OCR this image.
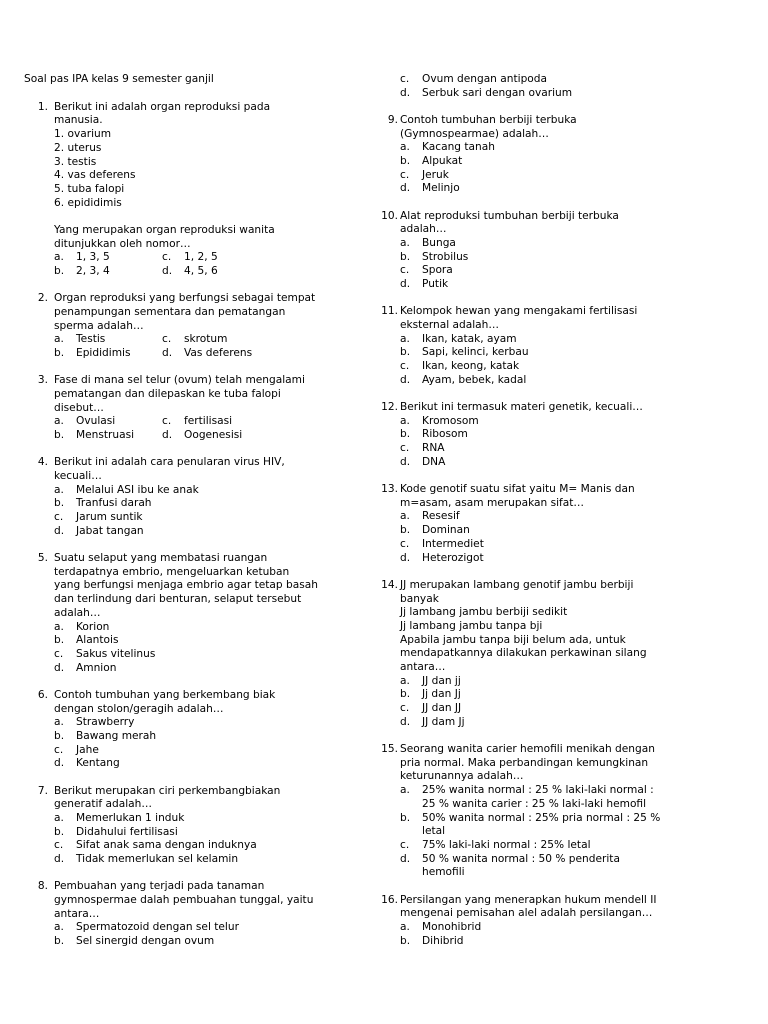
Soal pas IPA kelas 9 semester ganjil
1. Berikut ini adalah organ reproduksi pada
manusia.
1. ovarium
2. uterus
3. testis
4. vas deferens
5. tuba falopi
6. epididimis
Yang merupakan organ reproduksi wanita
ditunjukkan oleh nomor…
a. 1, 3, 5	c. 1, 2, 5
b. 2, 3, 4	d. 4, 5, 6
2. Organ reproduksi yang berfungsi sebagai tempat
penampungan sementara dan pematangan
sperma adalah…
a. Testis	c. skrotum
b. Epididimis	d. Vas deferens
3. Fase di mana sel telur (ovum) telah mengalami
pematangan dan dilepaskan ke tuba falopi
disebut…
a. Ovulasi	c. fertilisasi
b. Menstruasi	d. Oogenesisi
4. Berikut ini adalah cara penularan virus HIV,
kecuali…
a. Melalui ASI ibu ke anak
b. Tranfusi darah
c. Jarum suntik
d. Jabat tangan
5. Suatu selaput yang membatasi ruangan
terdapatnya embrio, mengeluarkan ketuban
yang berfungsi menjaga embrio agar tetap basah
dan terlindung dari benturan, selaput tersebut
adalah…
a. Korion
b. Alantois
c. Sakus vitelinus
d. Amnion
6. Contoh tumbuhan yang berkembang biak
dengan stolon/geragih adalah…
a. Strawberry
b. Bawang merah
c. Jahe
d. Kentang
7. Berikut merupakan ciri perkembangbiakan
generatif adalah…
a. Memerlukan 1 induk
b. Didahului fertilisasi
c. Sifat anak sama dengan induknya
d. Tidak memerlukan sel kelamin
8. Pembuahan yang terjadi pada tanaman
gymnospermae dalah pembuahan tunggal, yaitu
antara…
a. Spermatozoid dengan sel telur
b. Sel sinergid dengan ovum
c. Ovum dengan antipoda
d. Serbuk sari dengan ovarium
9. Contoh tumbuhan berbiji terbuka
(Gymnospearmae) adalah…
a. Kacang tanah
b. Alpukat
c. Jeruk
d. Melinjo
10. Alat reproduksi tumbuhan berbiji terbuka
adalah…
a. Bunga
b. Strobilus
c. Spora
d. Putik
11. Kelompok hewan yang mengakami fertilisasi
eksternal adalah…
a. Ikan, katak, ayam
b. Sapi, kelinci, kerbau
c. Ikan, keong, katak
d. Ayam, bebek, kadal
12. Berikut ini termasuk materi genetik, kecuali…
a. Kromosom
b. Ribosom
c. RNA
d. DNA
13. Kode genotif suatu sifat yaitu M= Manis dan
m=asam, asam merupakan sifat…
a. Resesif
b. Dominan
c. Intermediet
d. Heterozigot
14. JJ merupakan lambang genotif jambu berbiji
banyak
Jj lambang jambu berbiji sedikit
Jj lambang jambu tanpa bji
Apabila jambu tanpa biji belum ada, untuk
mendapatkannya dilakukan perkawinan silang
antara…
a. JJ dan jj
b. Jj dan Jj
c. JJ dan JJ
d. JJ dam Jj
15. Seorang wanita carier hemofili menikah dengan
pria normal. Maka perbandingan kemungkinan
keturunannya adalah…
a. 25% wanita normal : 25 % laki-laki normal :
25 % wanita carier : 25 % laki-laki hemofil
b. 50% wanita normal : 25% pria normal : 25 %
letal
c. 75% laki-laki normal : 25% letal
d. 50 % wanita normal : 50 % penderita
hemofili
16. Persilangan yang menerapkan hukum mendell II
mengenai pemisahan alel adalah persilangan…
a. Monohibrid
b. Dihibrid
